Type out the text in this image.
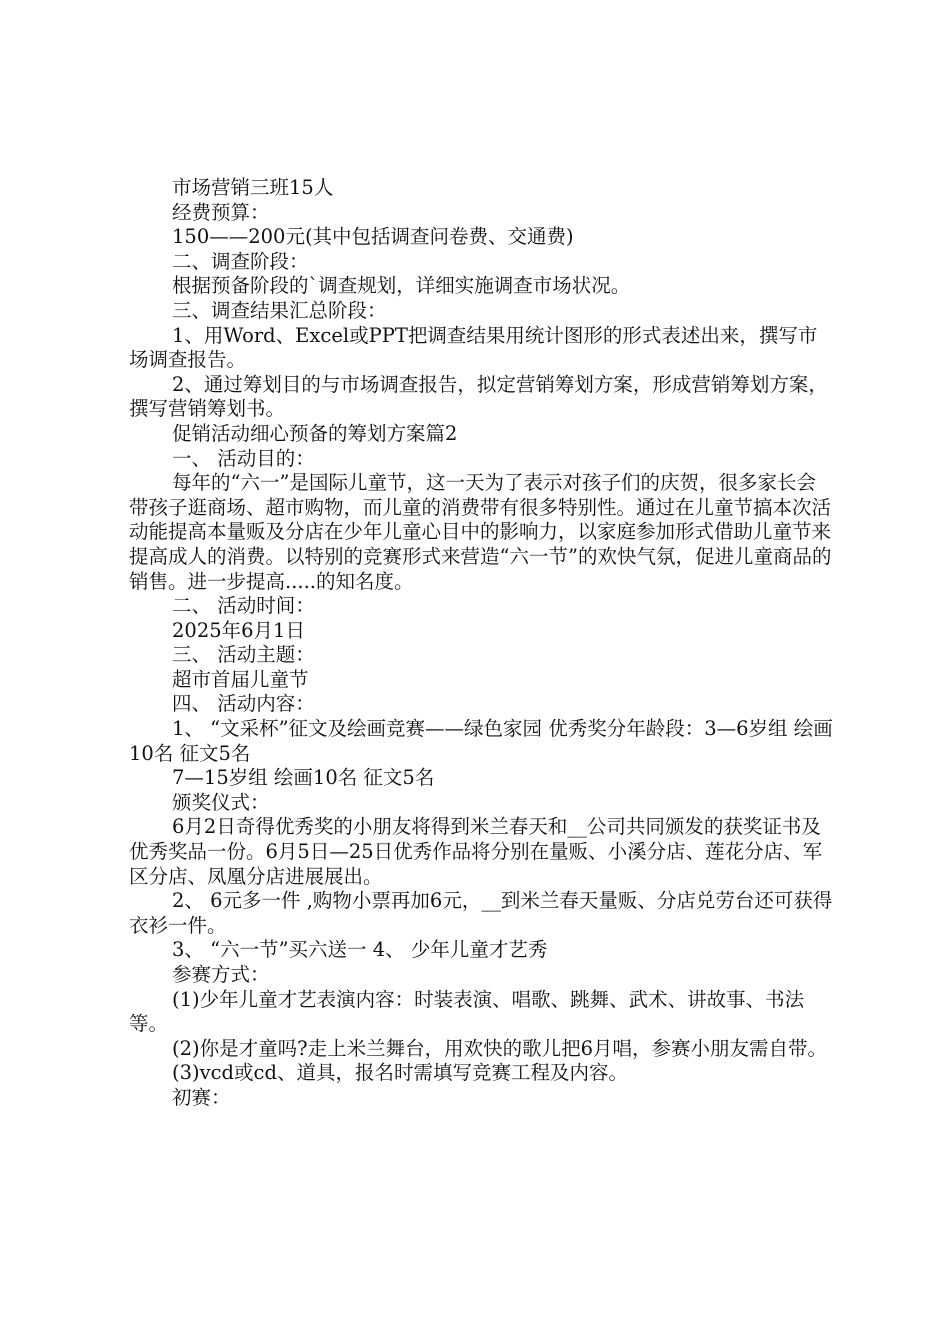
市场营销三班15人

经费预算：

150——200元(其中包括调查问卷费、交通费)

二、调查阶段：

根据预备阶段的`调查规划，详细实施调查市场状况。

三、调查结果汇总阶段：

1、用Word、Excel或PPT把调查结果用统计图形的形式表述出来，撰写市场调查报告。

2、通过筹划目的与市场调查报告，拟定营销筹划方案，形成营销筹划方案，撰写营销筹划书。

促销活动细心预备的筹划方案篇2

一、 活动目的：

每年的“六一”是国际儿童节，这一天为了表示对孩子们的庆贺，很多家长会带孩子逛商场、超市购物，而儿童的消费带有很多特别性。通过在儿童节搞本次活动能提高本量贩及分店在少年儿童心目中的影响力，以家庭参加形式借助儿童节来提高成人的消费。以特别的竞赛形式来营造“六一节”的欢快气氛，促进儿童商品的销售。进一步提高.....的知名度。

二、 活动时间：

2025年6月1日

三、 活动主题：

超市首届儿童节

四、 活动内容：

1、 “文采杯”征文及绘画竞赛——绿色家园 优秀奖分年龄段：3—6岁组 绘画10名 征文5名

7—15岁组 绘画10名 征文5名

颁奖仪式：

6月2日奇得优秀奖的小朋友将得到米兰春天和__公司共同颁发的获奖证书及优秀奖品一份。6月5日—25日优秀作品将分别在量贩、小溪分店、莲花分店、军区分店、凤凰分店进展展出。

2、 6元多一件 ,购物小票再加6元，__到米兰春天量贩、分店兑劳台还可获得衣衫一件。

3、 “六一节”买六送一 4、 少年儿童才艺秀

参赛方式：

(1)少年儿童才艺表演内容：时装表演、唱歌、跳舞、武术、讲故事、书法等。

(2)你是才童吗?走上米兰舞台，用欢快的歌儿把6月唱，参赛小朋友需自带。

(3)vcd或cd、道具，报名时需填写竞赛工程及内容。

初赛：
